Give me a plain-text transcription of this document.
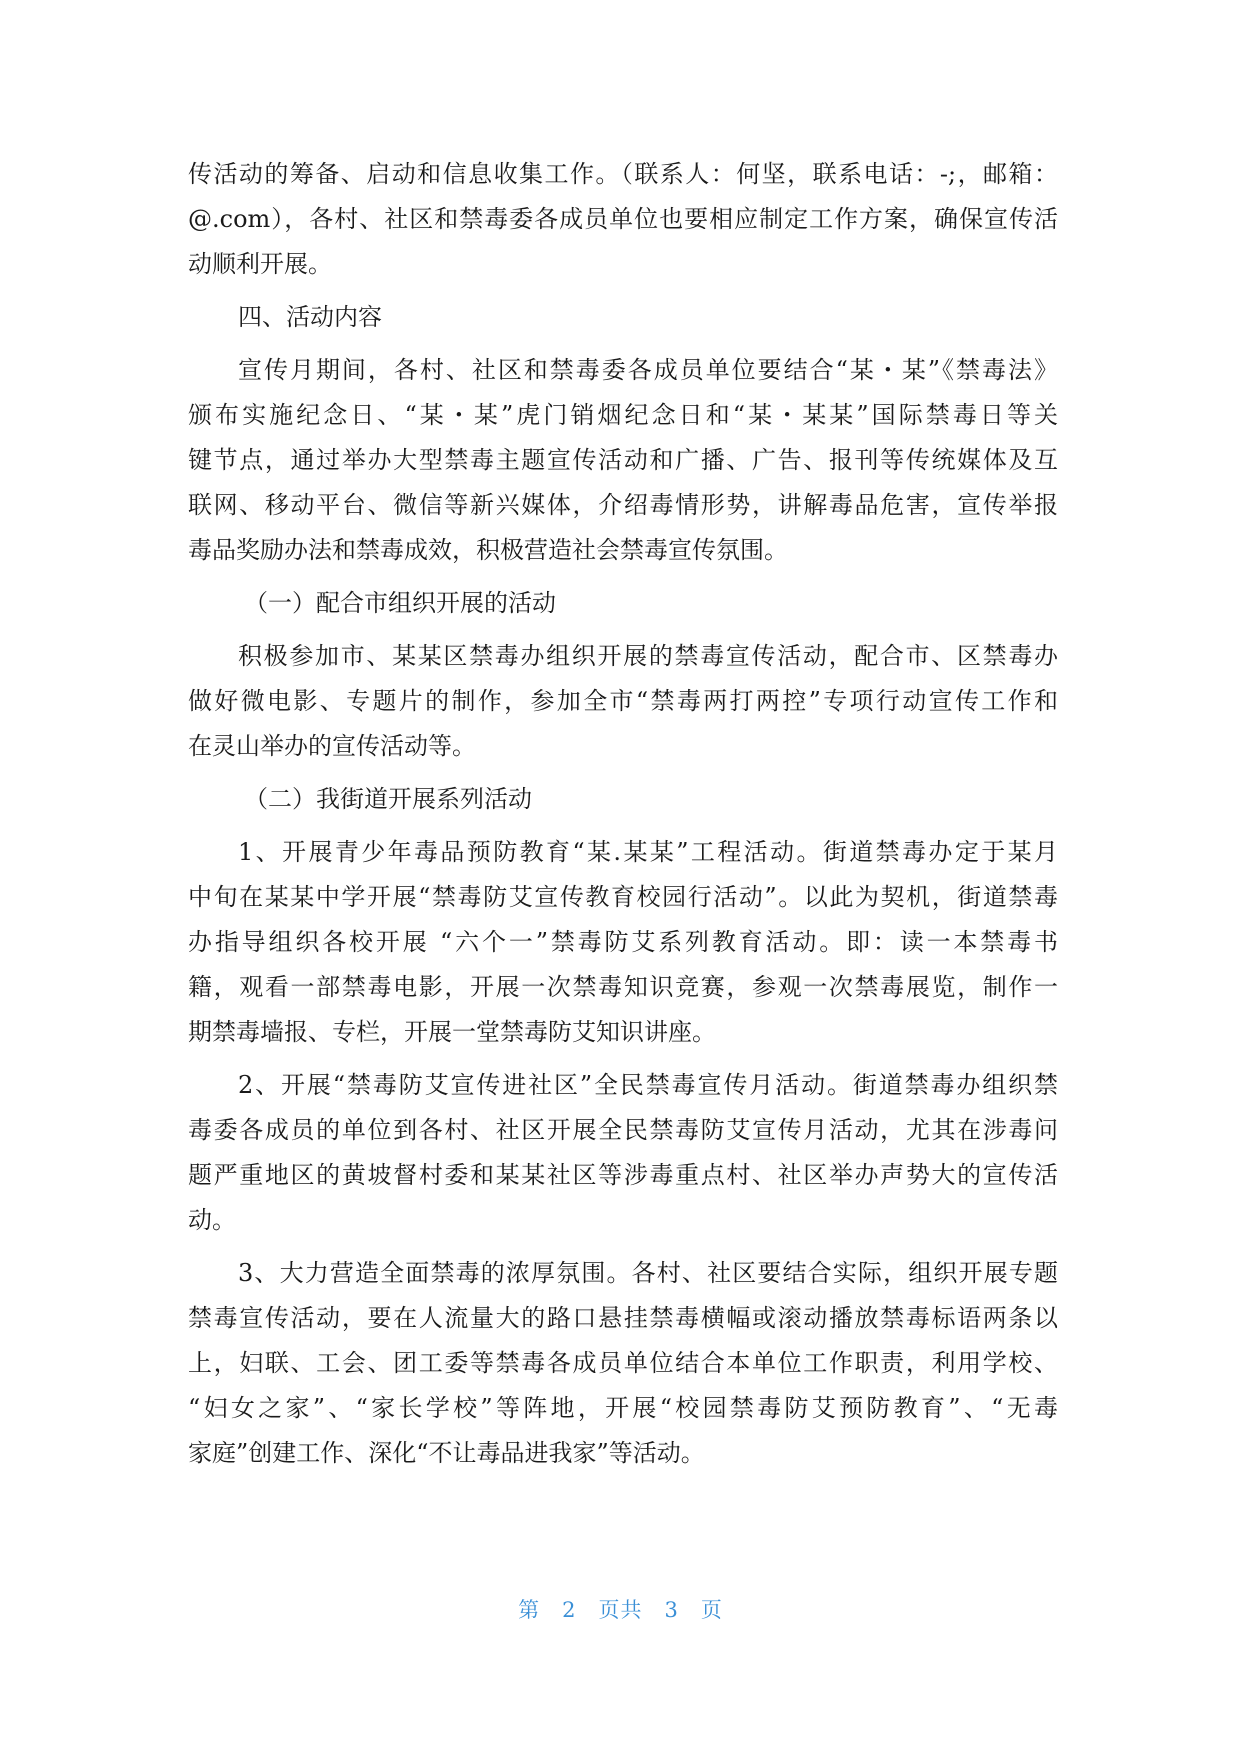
传活动的筹备、启动和信息收集工作。（联系人：何坚，联系电话：-;，邮箱：
@.com），各村、社区和禁毒委各成员单位也要相应制定工作方案，确保宣传活
动顺利开展。
四、活动内容
宣传月期间，各村、社区和禁毒委各成员单位要结合“某・某”《禁毒法》
颁布实施纪念日、“某・某”虎门销烟纪念日和“某・某某”国际禁毒日等关
键节点，通过举办大型禁毒主题宣传活动和广播、广告、报刊等传统媒体及互
联网、移动平台、微信等新兴媒体，介绍毒情形势，讲解毒品危害，宣传举报
毒品奖励办法和禁毒成效，积极营造社会禁毒宣传氛围。
（一）配合市组织开展的活动
积极参加市、某某区禁毒办组织开展的禁毒宣传活动，配合市、区禁毒办
做好微电影、专题片的制作，参加全市“禁毒两打两控”专项行动宣传工作和
在灵山举办的宣传活动等。
（二）我街道开展系列活动
1、开展青少年毒品预防教育“某.某某”工程活动。街道禁毒办定于某月
中旬在某某中学开展“禁毒防艾宣传教育校园行活动”。以此为契机，街道禁毒
办指导组织各校开展 “六个一”禁毒防艾系列教育活动。即：读一本禁毒书
籍，观看一部禁毒电影，开展一次禁毒知识竞赛，参观一次禁毒展览，制作一
期禁毒墙报、专栏，开展一堂禁毒防艾知识讲座。
2、开展“禁毒防艾宣传进社区”全民禁毒宣传月活动。街道禁毒办组织禁
毒委各成员的单位到各村、社区开展全民禁毒防艾宣传月活动，尤其在涉毒问
题严重地区的黄坡督村委和某某社区等涉毒重点村、社区举办声势大的宣传活
动。
3、大力营造全面禁毒的浓厚氛围。各村、社区要结合实际，组织开展专题
禁毒宣传活动，要在人流量大的路口悬挂禁毒横幅或滚动播放禁毒标语两条以
上，妇联、工会、团工委等禁毒各成员单位结合本单位工作职责，利用学校、
“妇女之家”、“家长学校”等阵地，开展“校园禁毒防艾预防教育”、“无毒
家庭”创建工作、深化“不让毒品进我家”等活动。
第 2 页共 3 页
